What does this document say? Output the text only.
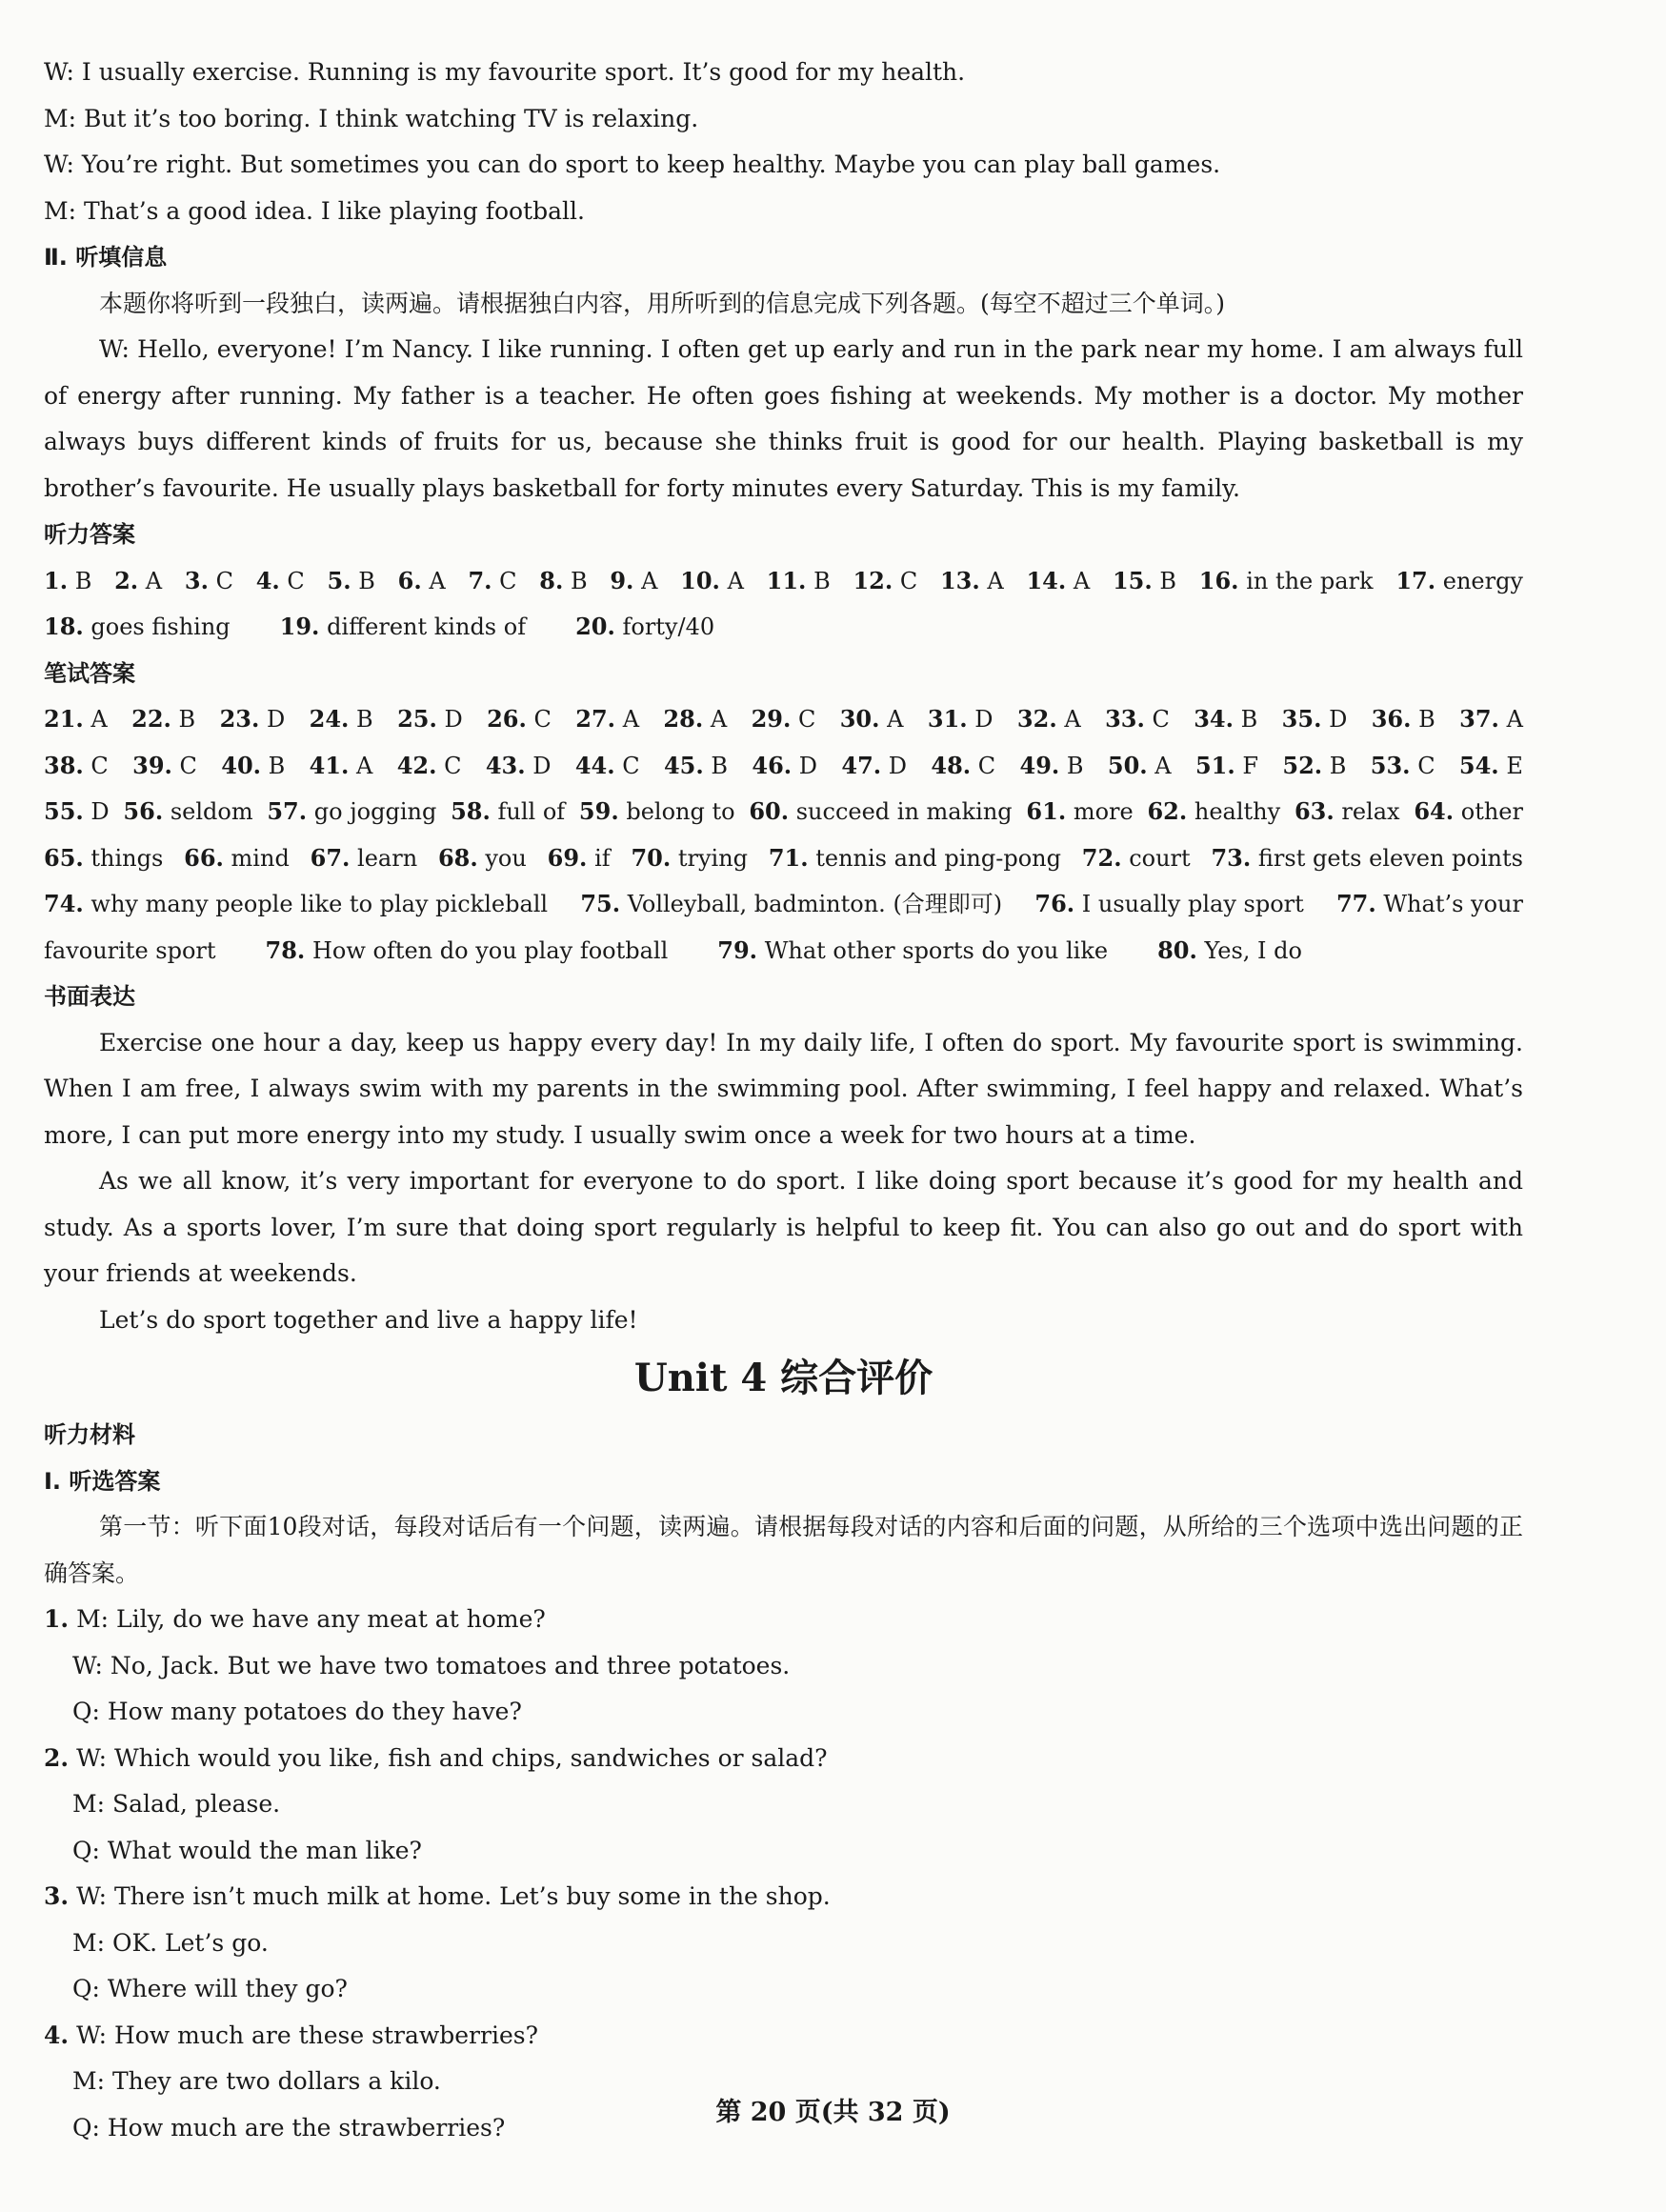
W: I usually exercise. Running is my favourite sport. It’s good for my health.
M: But it’s too boring. I think watching TV is relaxing.
W: You’re right. But sometimes you can do sport to keep healthy. Maybe you can play ball games.
M: That’s a good idea. I like playing football.
Ⅱ. 听填信息
本题你将听到一段独白，读两遍。请根据独白内容，用所听到的信息完成下列各题。(每空不超过三个单词。)
W: Hello, everyone! I’m Nancy. I like running. I often get up early and run in the park near my home. I am always full of energy after running. My father is a teacher. He often goes fishing at weekends. My mother is a doctor. My mother always buys different kinds of fruits for us, because she thinks fruit is good for our health. Playing basketball is my brother’s favourite. He usually plays basketball for forty minutes every Saturday. This is my family.
听力答案
1. B 2. A 3. C 4. C 5. B 6. A 7. C 8. B 9. A 10. A 11. B 12. C 13. A 14. A 15. B 16. in the park 17. energy
18. goes fishing	19. different kinds of	20. forty/40
笔试答案
21. A 22. B 23. D 24. B 25. D 26. C 27. A 28. A 29. C 30. A 31. D 32. A 33. C 34. B 35. D 36. B 37. A
38. C 39. C 40. B 41. A 42. C 43. D 44. C 45. B 46. D 47. D 48. C 49. B 50. A 51. F 52. B 53. C 54. E
55. D 56. seldom 57. go jogging 58. full of 59. belong to 60. succeed in making 61. more 62. healthy 63. relax 64. other
65. things 66. mind 67. learn 68. you 69. if 70. trying 71. tennis and ping-pong 72. court 73. first gets eleven points
74. why many people like to play pickleball 75. Volleyball, badminton. (合理即可) 76. I usually play sport 77. What’s your
favourite sport	78. How often do you play football	79. What other sports do you like	80. Yes, I do
书面表达
Exercise one hour a day, keep us happy every day! In my daily life, I often do sport. My favourite sport is swimming. When I am free, I always swim with my parents in the swimming pool. After swimming, I feel happy and relaxed. What’s more, I can put more energy into my study. I usually swim once a week for two hours at a time.
As we all know, it’s very important for everyone to do sport. I like doing sport because it’s good for my health and study. As a sports lover, I’m sure that doing sport regularly is helpful to keep fit. You can also go out and do sport with your friends at weekends.
Let’s do sport together and live a happy life!
Unit 4 综合评价
听力材料
Ⅰ. 听选答案
第一节：听下面10段对话，每段对话后有一个问题，读两遍。请根据每段对话的内容和后面的问题，从所给的三个选项中选出问题的正确答案。
1. M: Lily, do we have any meat at home?
W: No, Jack. But we have two tomatoes and three potatoes.
Q: How many potatoes do they have?
2. W: Which would you like, fish and chips, sandwiches or salad?
M: Salad, please.
Q: What would the man like?
3. W: There isn’t much milk at home. Let’s buy some in the shop.
M: OK. Let’s go.
Q: Where will they go?
4. W: How much are these strawberries?
M: They are two dollars a kilo.
Q: How much are the strawberries?	第 20 页(共 32 页)
